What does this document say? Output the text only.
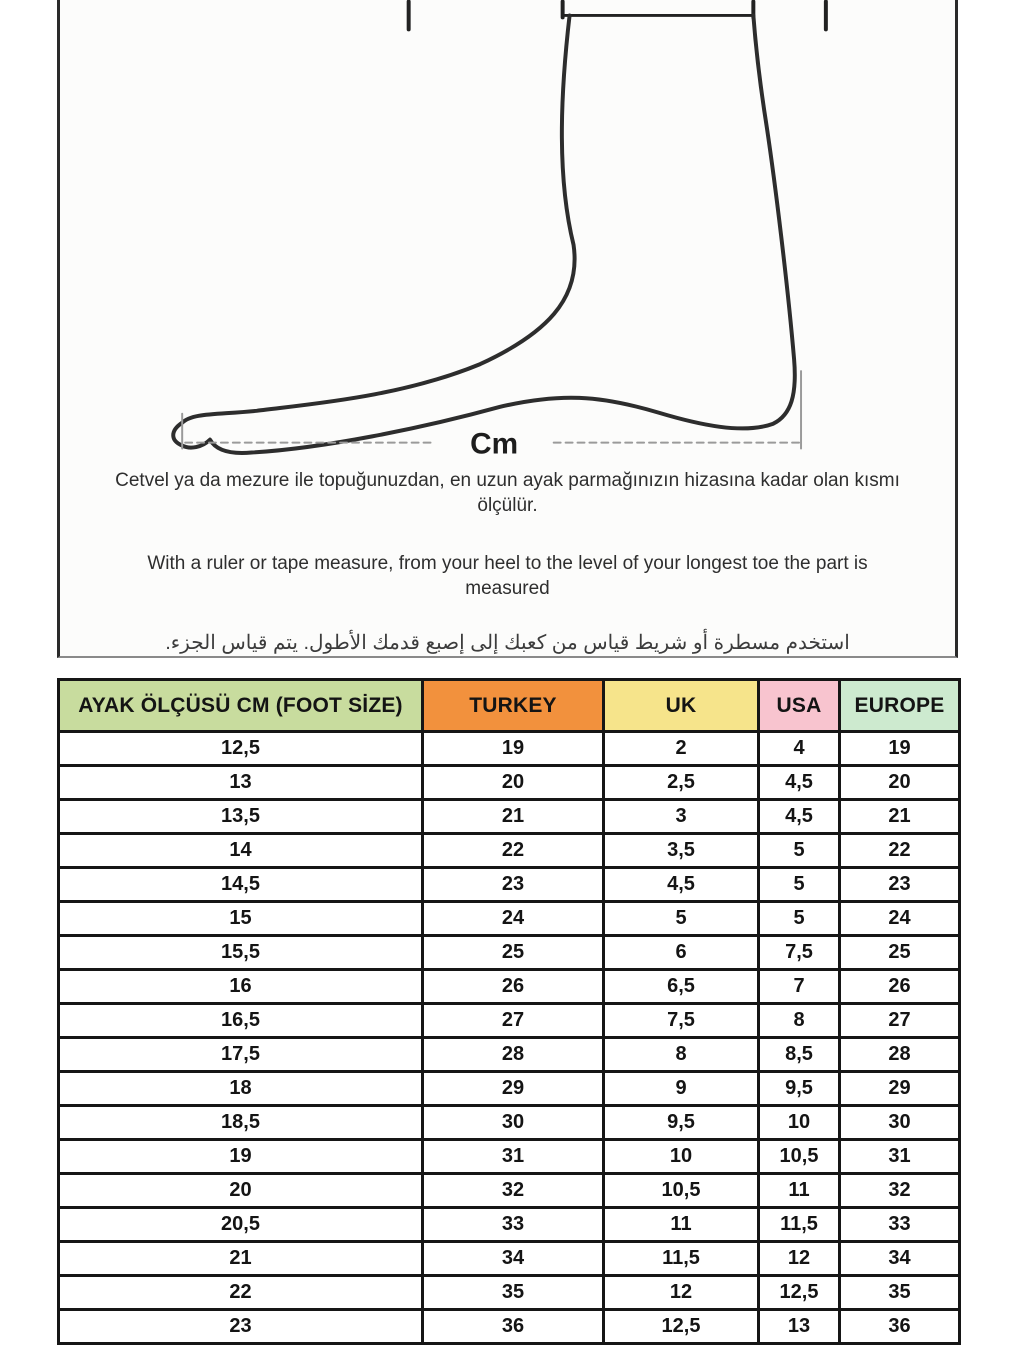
Cm

Cetvel ya da mezure ile topuğunuzdan, en uzun ayak parmağınızın hizasına kadar olan kısmı ölçülür.

With a ruler or tape measure, from your heel to the level of your longest toe the part is measured

استخدم مسطرة أو شريط قياس من كعبك إلى إصبع قدمك الأطول. يتم قياس الجزء.

AYAK ÖLÇÜSÜ CM (FOOT SİZE)	TURKEY	UK	USA	EUROPE
12,5	19	2	4	19
13	20	2,5	4,5	20
13,5	21	3	4,5	21
14	22	3,5	5	22
14,5	23	4,5	5	23
15	24	5	5	24
15,5	25	6	7,5	25
16	26	6,5	7	26
16,5	27	7,5	8	27
17,5	28	8	8,5	28
18	29	9	9,5	29
18,5	30	9,5	10	30
19	31	10	10,5	31
20	32	10,5	11	32
20,5	33	11	11,5	33
21	34	11,5	12	34
22	35	12	12,5	35
23	36	12,5	13	36
